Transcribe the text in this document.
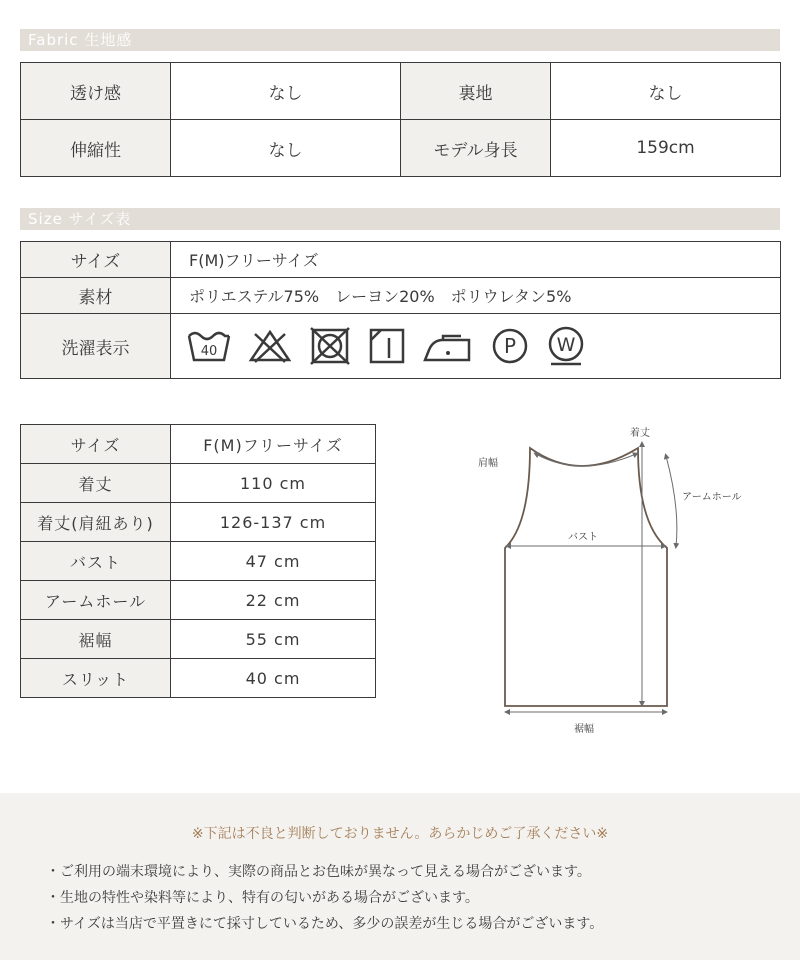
Fabric 生地感
透け感	なし	裏地	なし
伸縮性	なし	モデル身長	159cm
Size サイズ表
サイズ	F(M)フリーサイズ
素材	ポリエステル75%　レーヨン20%　ポリウレタン5%
洗濯表示	40 P W
サイズ	F(M)フリーサイズ
着丈	110 cm
着丈(肩紐あり)	126-137 cm
バスト	47 cm
アームホール	22 cm
裾幅	55 cm
スリット	40 cm
着丈
肩幅
アームホール
バスト
裾幅
※下記は不良と判断しておりません。あらかじめご了承ください※
・ご利用の端末環境により、実際の商品とお色味が異なって見える場合がございます。
・生地の特性や染料等により、特有の匂いがある場合がございます。
・サイズは当店で平置きにて採寸しているため、多少の誤差が生じる場合がございます。
